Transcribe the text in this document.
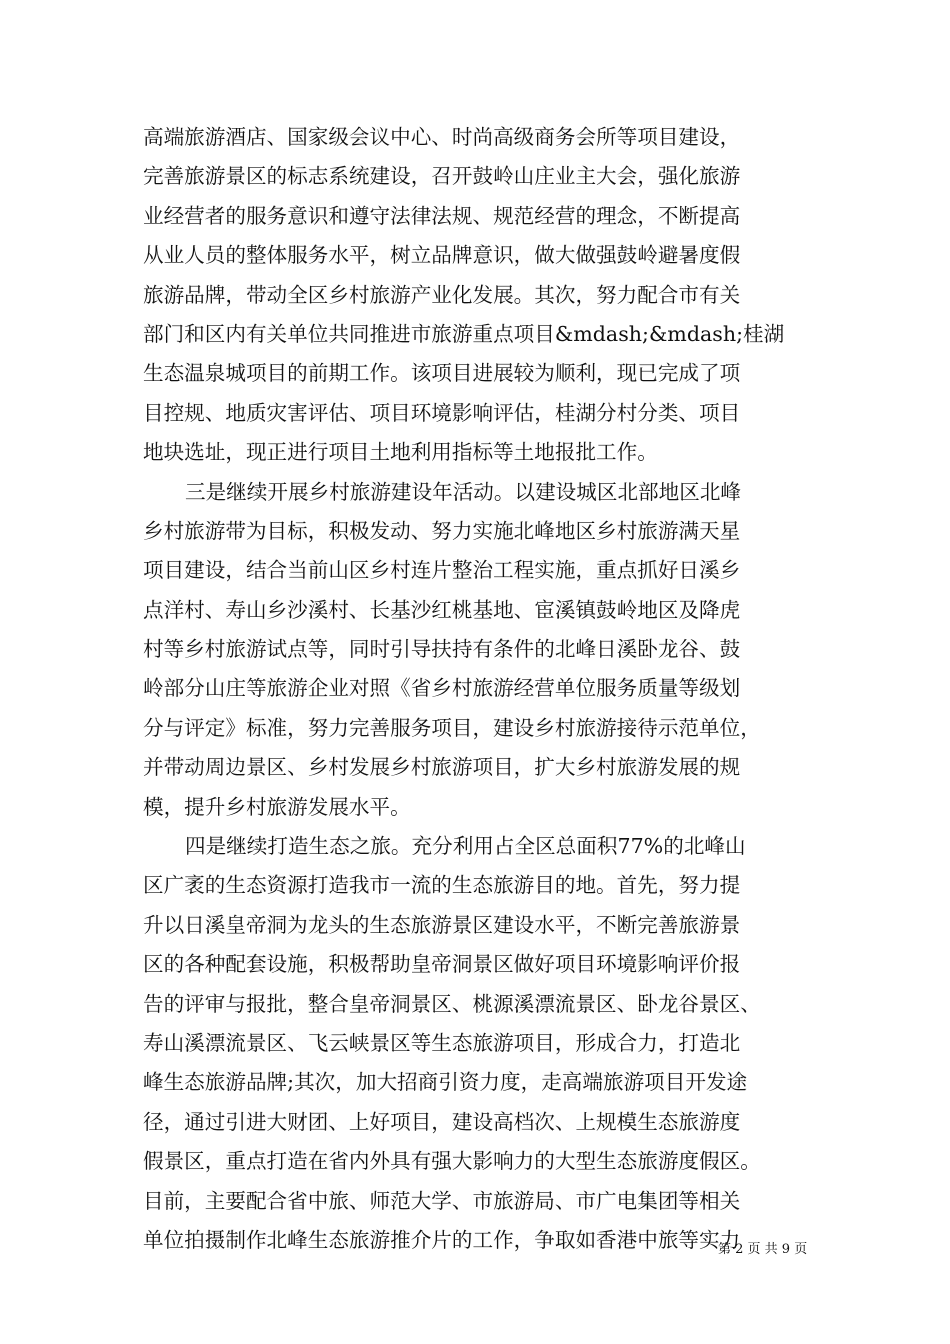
高端旅游酒店、国家级会议中心、时尚高级商务会所等项目建设，
完善旅游景区的标志系统建设，召开鼓岭山庄业主大会，强化旅游
业经营者的服务意识和遵守法律法规、规范经营的理念，不断提高
从业人员的整体服务水平，树立品牌意识，做大做强鼓岭避暑度假
旅游品牌，带动全区乡村旅游产业化发展。其次，努力配合市有关
部门和区内有关单位共同推进市旅游重点项目&mdash;&mdash;桂湖
生态温泉城项目的前期工作。该项目进展较为顺利，现已完成了项
目控规、地质灾害评估、项目环境影响评估，桂湖分村分类、项目
地块选址，现正进行项目土地利用指标等土地报批工作。
三是继续开展乡村旅游建设年活动。以建设城区北部地区北峰
乡村旅游带为目标，积极发动、努力实施北峰地区乡村旅游满天星
项目建设，结合当前山区乡村连片整治工程实施，重点抓好日溪乡
点洋村、寿山乡沙溪村、长基沙红桃基地、宦溪镇鼓岭地区及降虎
村等乡村旅游试点等，同时引导扶持有条件的北峰日溪卧龙谷、鼓
岭部分山庄等旅游企业对照《省乡村旅游经营单位服务质量等级划
分与评定》标准，努力完善服务项目，建设乡村旅游接待示范单位，
并带动周边景区、乡村发展乡村旅游项目，扩大乡村旅游发展的规
模，提升乡村旅游发展水平。
四是继续打造生态之旅。充分利用占全区总面积77%的北峰山
区广袤的生态资源打造我市一流的生态旅游目的地。首先，努力提
升以日溪皇帝洞为龙头的生态旅游景区建设水平，不断完善旅游景
区的各种配套设施，积极帮助皇帝洞景区做好项目环境影响评价报
告的评审与报批，整合皇帝洞景区、桃源溪漂流景区、卧龙谷景区、
寿山溪漂流景区、飞云峡景区等生态旅游项目，形成合力，打造北
峰生态旅游品牌;其次，加大招商引资力度，走高端旅游项目开发途
径，通过引进大财团、上好项目，建设高档次、上规模生态旅游度
假景区，重点打造在省内外具有强大影响力的大型生态旅游度假区。
目前，主要配合省中旅、师范大学、市旅游局、市广电集团等相关
单位拍摄制作北峰生态旅游推介片的工作，争取如香港中旅等实力
第 2 页 共 9 页
